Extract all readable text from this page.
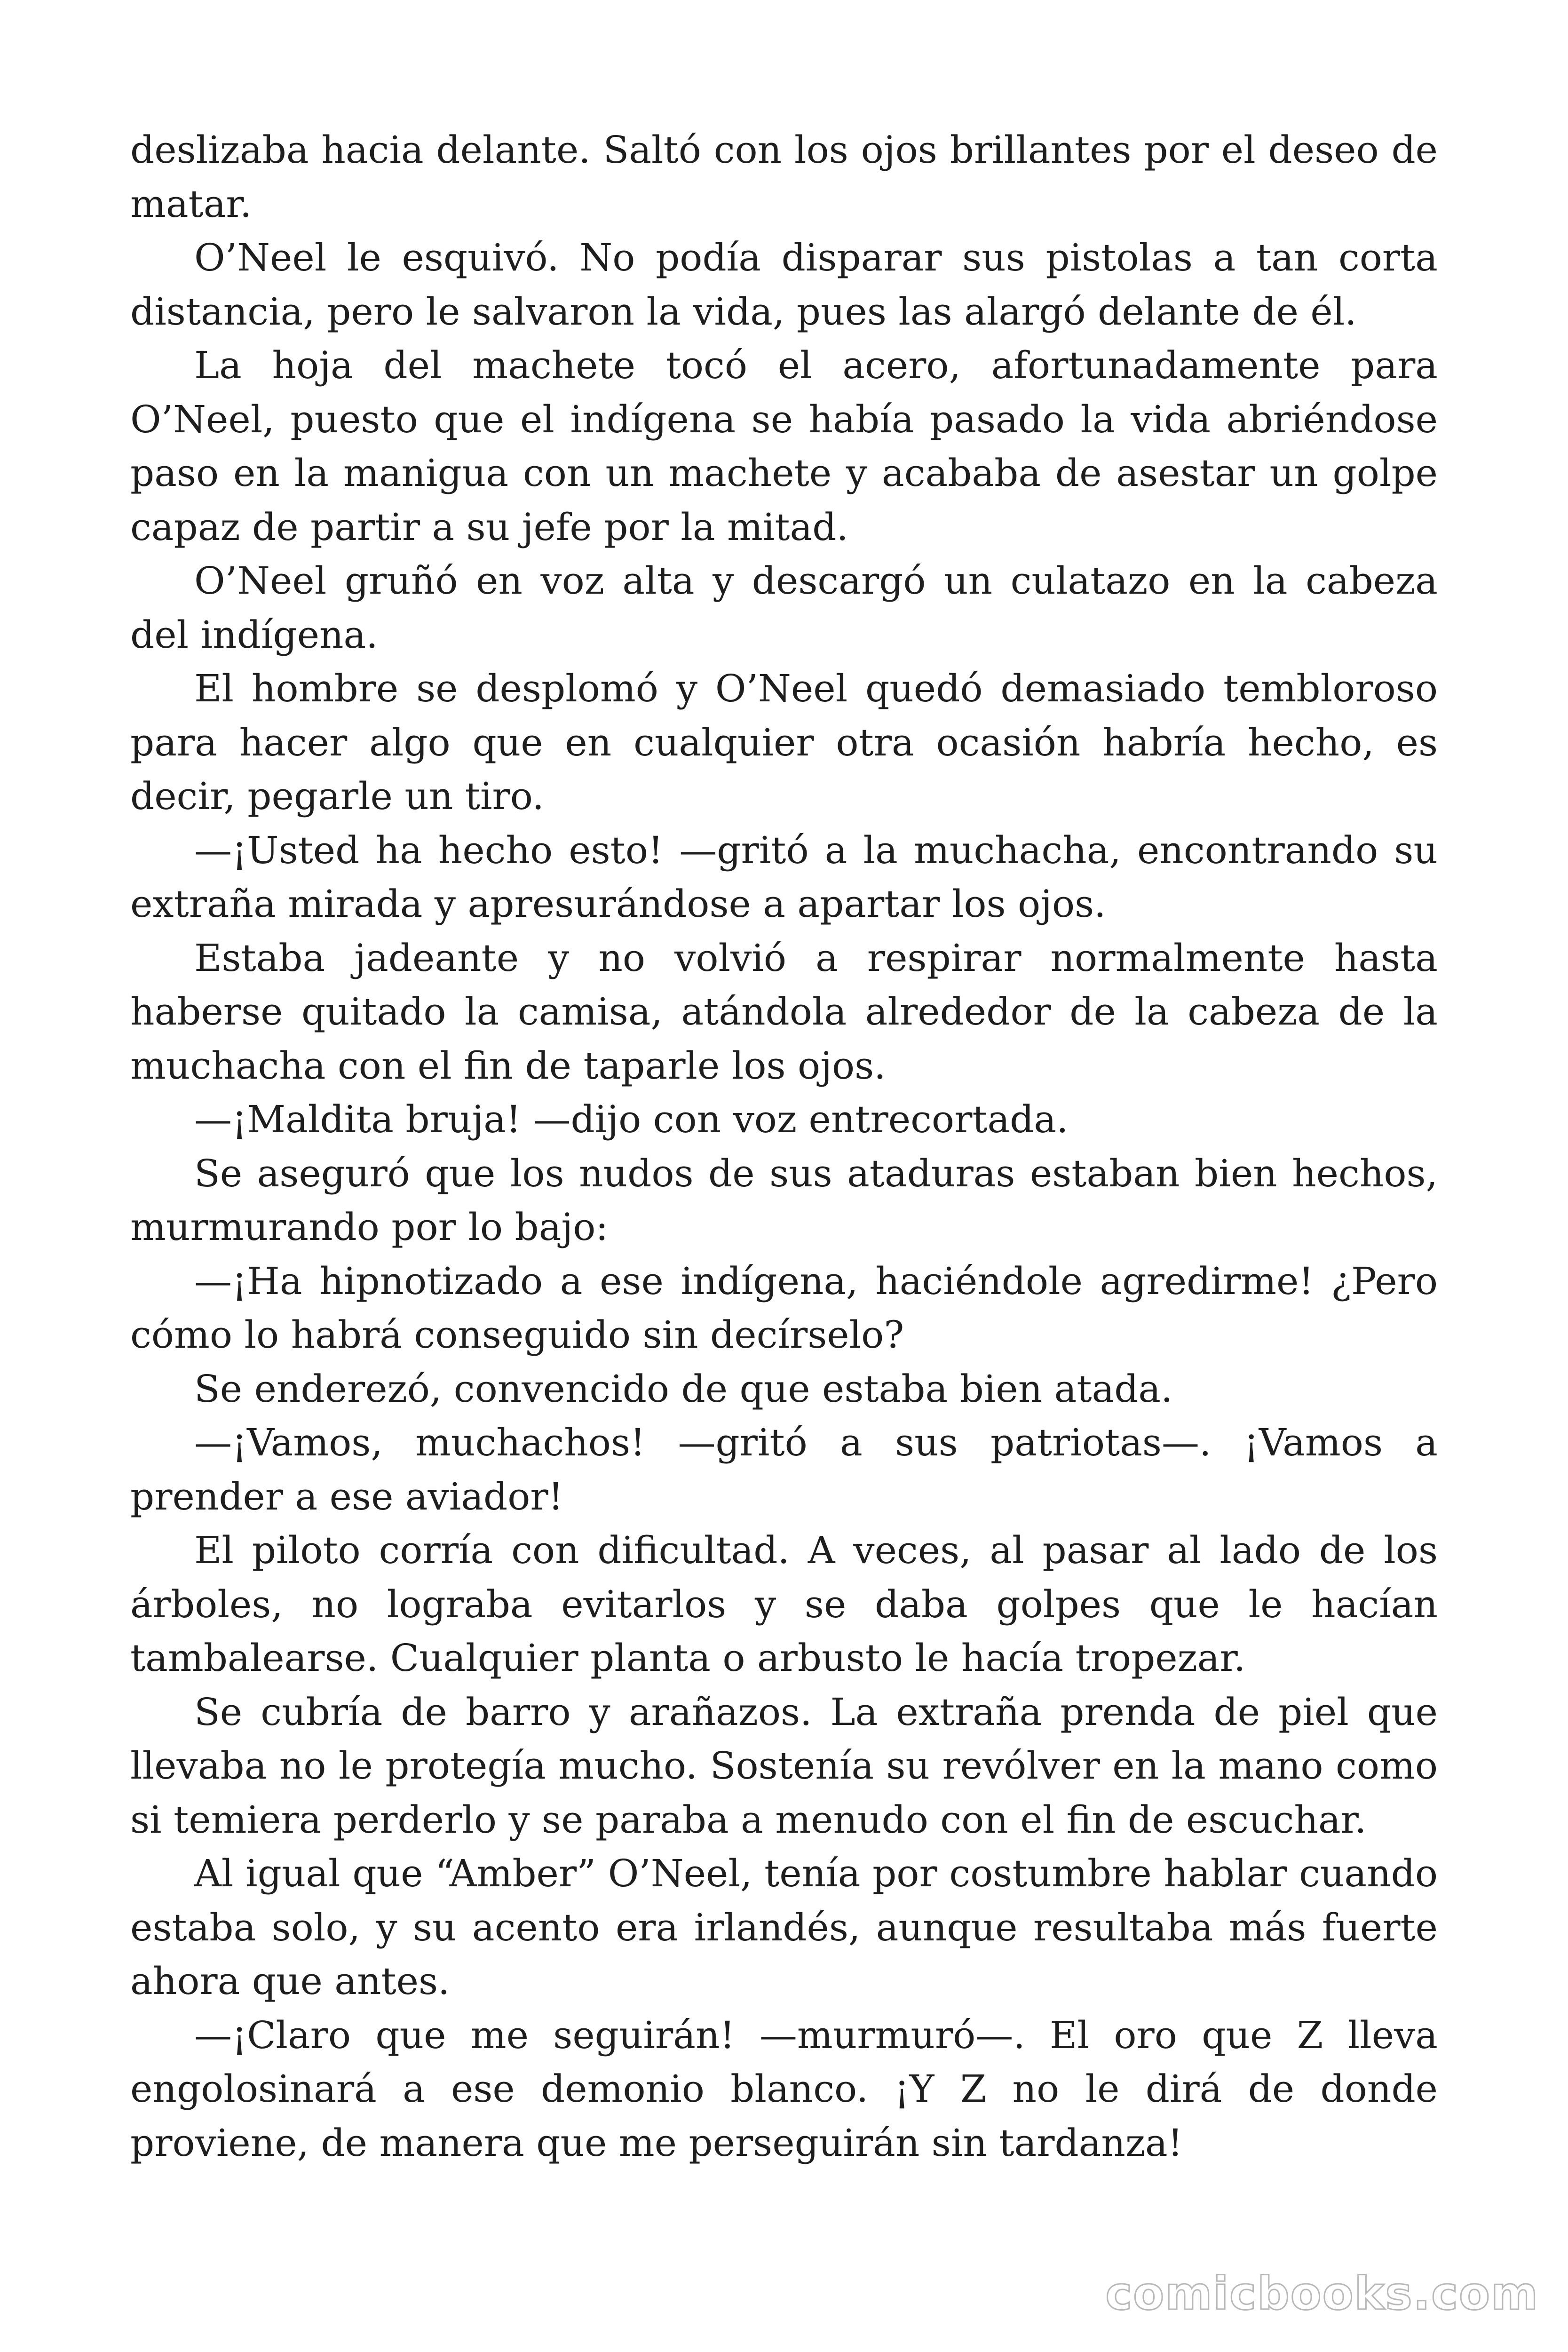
deslizaba hacia delante. Saltó con los ojos brillantes por el deseo de matar.

O’Neel le esquivó. No podía disparar sus pistolas a tan corta distancia, pero le salvaron la vida, pues las alargó delante de él.

La hoja del machete tocó el acero, afortunadamente para O’Neel, puesto que el indígena se había pasado la vida abriéndose paso en la manigua con un machete y acababa de asestar un golpe capaz de partir a su jefe por la mitad.

O’Neel gruñó en voz alta y descargó un culatazo en la cabeza del indígena.

El hombre se desplomó y O’Neel quedó demasiado tembloroso para hacer algo que en cualquier otra ocasión habría hecho, es decir, pegarle un tiro.

—¡Usted ha hecho esto! —gritó a la muchacha, encontrando su extraña mirada y apresurándose a apartar los ojos.

Estaba jadeante y no volvió a respirar normalmente hasta haberse quitado la camisa, atándola alrededor de la cabeza de la muchacha con el fin de taparle los ojos.

—¡Maldita bruja! —dijo con voz entrecortada.

Se aseguró que los nudos de sus ataduras estaban bien hechos, murmurando por lo bajo:

—¡Ha hipnotizado a ese indígena, haciéndole agredirme! ¿Pero cómo lo habrá conseguido sin decírselo?

Se enderezó, convencido de que estaba bien atada.

—¡Vamos, muchachos! —gritó a sus patriotas—. ¡Vamos a prender a ese aviador!

El piloto corría con dificultad. A veces, al pasar al lado de los árboles, no lograba evitarlos y se daba golpes que le hacían tambalearse. Cualquier planta o arbusto le hacía tropezar.

Se cubría de barro y arañazos. La extraña prenda de piel que llevaba no le protegía mucho. Sostenía su revólver en la mano como si temiera perderlo y se paraba a menudo con el fin de escuchar.

Al igual que “Amber” O’Neel, tenía por costumbre hablar cuando estaba solo, y su acento era irlandés, aunque resultaba más fuerte ahora que antes.

—¡Claro que me seguirán! —murmuró—. El oro que Z lleva engolosinará a ese demonio blanco. ¡Y Z no le dirá de donde proviene, de manera que me perseguirán sin tardanza!

comicbooks.com
